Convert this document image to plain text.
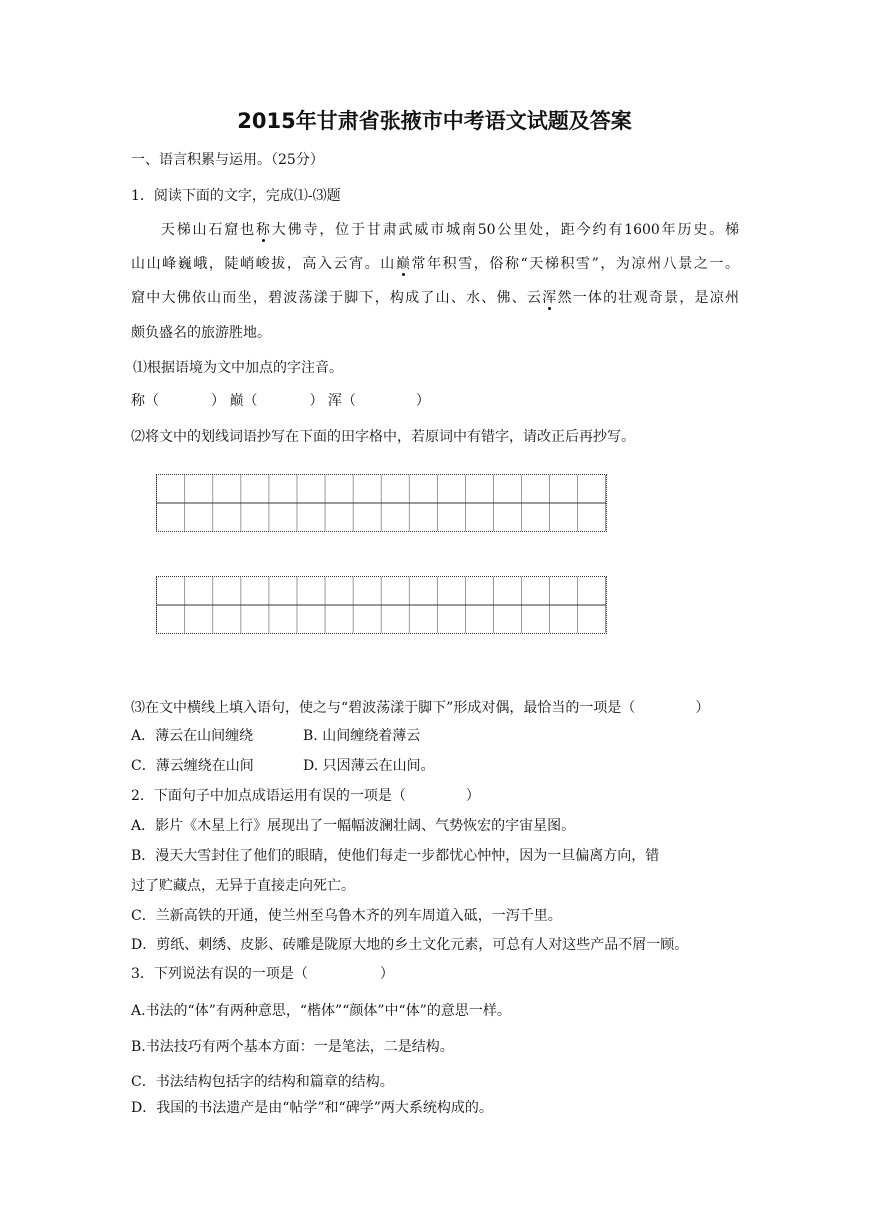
2015年甘肃省张掖市中考语文试题及答案
一、语言积累与运用。（25分）
1．阅读下面的文字，完成⑴-⑶题
天梯山石窟也称大佛寺，位于甘肃武威市城南50公里处，距今约有1600年历史。梯
山山峰巍峨，陡峭峻拔，高入云宵。山巅常年积雪，俗称“天梯积雪”，为凉州八景之一。
窟中大佛依山而坐，碧波荡漾于脚下，构成了山、水、佛、云浑然一体的壮观奇景，是凉州
颇负盛名的旅游胜地。
⑴根据语境为文中加点的字注音。
称（	） 巅（	） 浑（	）
⑵将文中的划线词语抄写在下面的田字格中，若原词中有错字，请改正后再抄写。
⑶在文中横线上填入语句，使之与“碧波荡漾于脚下”形成对偶，最恰当的一项是（	）
A．薄云在山间缠绕	B. 山间缠绕着薄云
C．薄云缠绕在山间	D. 只因薄云在山间。
2．下面句子中加点成语运用有误的一项是（	）
A．影片《木星上行》展现出了一幅幅波澜壮阔、气势恢宏的宇宙星图。
B．漫天大雪封住了他们的眼睛，使他们每走一步都忧心忡忡，因为一旦偏离方向，错
过了贮藏点，无异于直接走向死亡。
C．兰新高铁的开通，使兰州至乌鲁木齐的列车周道入砥，一泻千里。
D．剪纸、刺绣、皮影、砖雕是陇原大地的乡土文化元素，可总有人对这些产品不屑一顾。
3．下列说法有误的一项是（	）
A.书法的“体”有两种意思，“楷体”“颜体”中“体”的意思一样。
B.书法技巧有两个基本方面：一是笔法，二是结构。
C．书法结构包括字的结构和篇章的结构。
D．我国的书法遗产是由“帖学”和“碑学”两大系统构成的。
